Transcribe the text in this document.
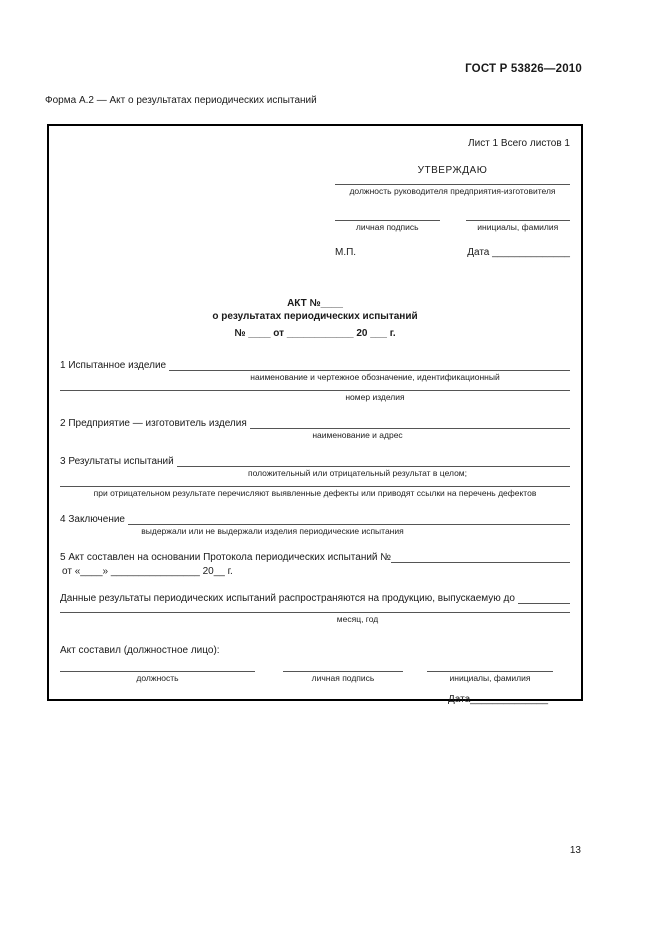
ГОСТ Р 53826—2010
Форма А.2 — Акт о результатах периодических испытаний
Лист 1 Всего листов 1
УТВЕРЖДАЮ
должность руководителя предприятия-изготовителя
личная подпись	инициалы, фамилия
М.П.	Дата ______________
АКТ №____
о результатах периодических испытаний
№ ____ от ____________ 20 ___ г.
1 Испытанное изделие
наименование и чертежное обозначение, идентификационный
номер изделия
2 Предприятие — изготовитель изделия
наименование и адрес
3 Результаты испытаний
положительный или отрицательный результат в целом;
при отрицательном результате перечисляют выявленные дефекты или приводят ссылки на перечень дефектов
4 Заключение
выдержали или не выдержали изделия периодические испытания
5 Акт составлен на основании Протокола периодических испытаний №
от «____» ________________ 20__ г.
Данные результаты периодических испытаний распространяются на продукцию, выпускаемую до
месяц, год
Акт составил (должностное лицо):
должность	личная подпись	инициалы, фамилия
Дата______________
13
